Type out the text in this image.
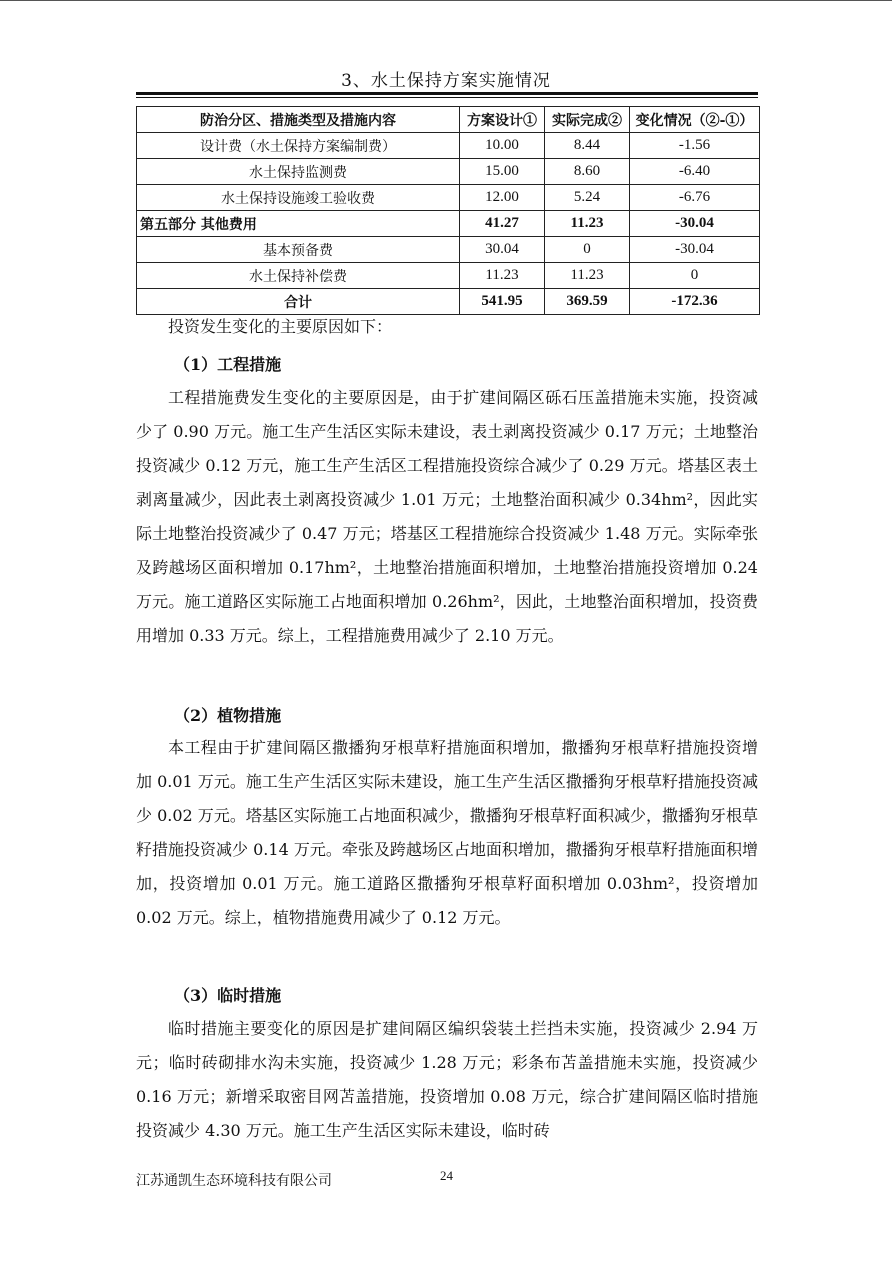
3、水土保持方案实施情况
防治分区、措施类型及措施内容	方案设计①	实际完成②	变化情况（②-①）
设计费（水土保持方案编制费）	10.00	8.44	-1.56
水土保持监测费	15.00	8.60	-6.40
水土保持设施竣工验收费	12.00	5.24	-6.76
第五部分 其他费用	41.27	11.23	-30.04
基本预备费	30.04	0	-30.04
水土保持补偿费	11.23	11.23	0
合计	541.95	369.59	-172.36

投资发生变化的主要原因如下：

（1）工程措施

工程措施费发生变化的主要原因是，由于扩建间隔区砾石压盖措施未实施，投资减少了 0.90 万元。施工生产生活区实际未建设，表土剥离投资减少 0.17 万元；土地整治投资减少 0.12 万元，施工生产生活区工程措施投资综合减少了 0.29 万元。塔基区表土剥离量减少，因此表土剥离投资减少 1.01 万元；土地整治面积减少 0.34hm²，因此实际土地整治投资减少了 0.47 万元；塔基区工程措施综合投资减少 1.48 万元。实际牵张及跨越场区面积增加 0.17hm²，土地整治措施面积增加，土地整治措施投资增加 0.24 万元。施工道路区实际施工占地面积增加 0.26hm²，因此，土地整治面积增加，投资费用增加 0.33 万元。综上，工程措施费用减少了 2.10 万元。

（2）植物措施

本工程由于扩建间隔区撒播狗牙根草籽措施面积增加，撒播狗牙根草籽措施投资增加 0.01 万元。施工生产生活区实际未建设，施工生产生活区撒播狗牙根草籽措施投资减少 0.02 万元。塔基区实际施工占地面积减少，撒播狗牙根草籽面积减少，撒播狗牙根草籽措施投资减少 0.14 万元。牵张及跨越场区占地面积增加，撒播狗牙根草籽措施面积增加，投资增加 0.01 万元。施工道路区撒播狗牙根草籽面积增加 0.03hm²，投资增加 0.02 万元。综上，植物措施费用减少了 0.12 万元。

（3）临时措施

临时措施主要变化的原因是扩建间隔区编织袋装土拦挡未实施，投资减少 2.94 万元；临时砖砌排水沟未实施，投资减少 1.28 万元；彩条布苫盖措施未实施，投资减少 0.16 万元；新增采取密目网苫盖措施，投资增加 0.08 万元，综合扩建间隔区临时措施投资减少 4.30 万元。施工生产生活区实际未建设，临时砖

江苏通凯生态环境科技有限公司	24
